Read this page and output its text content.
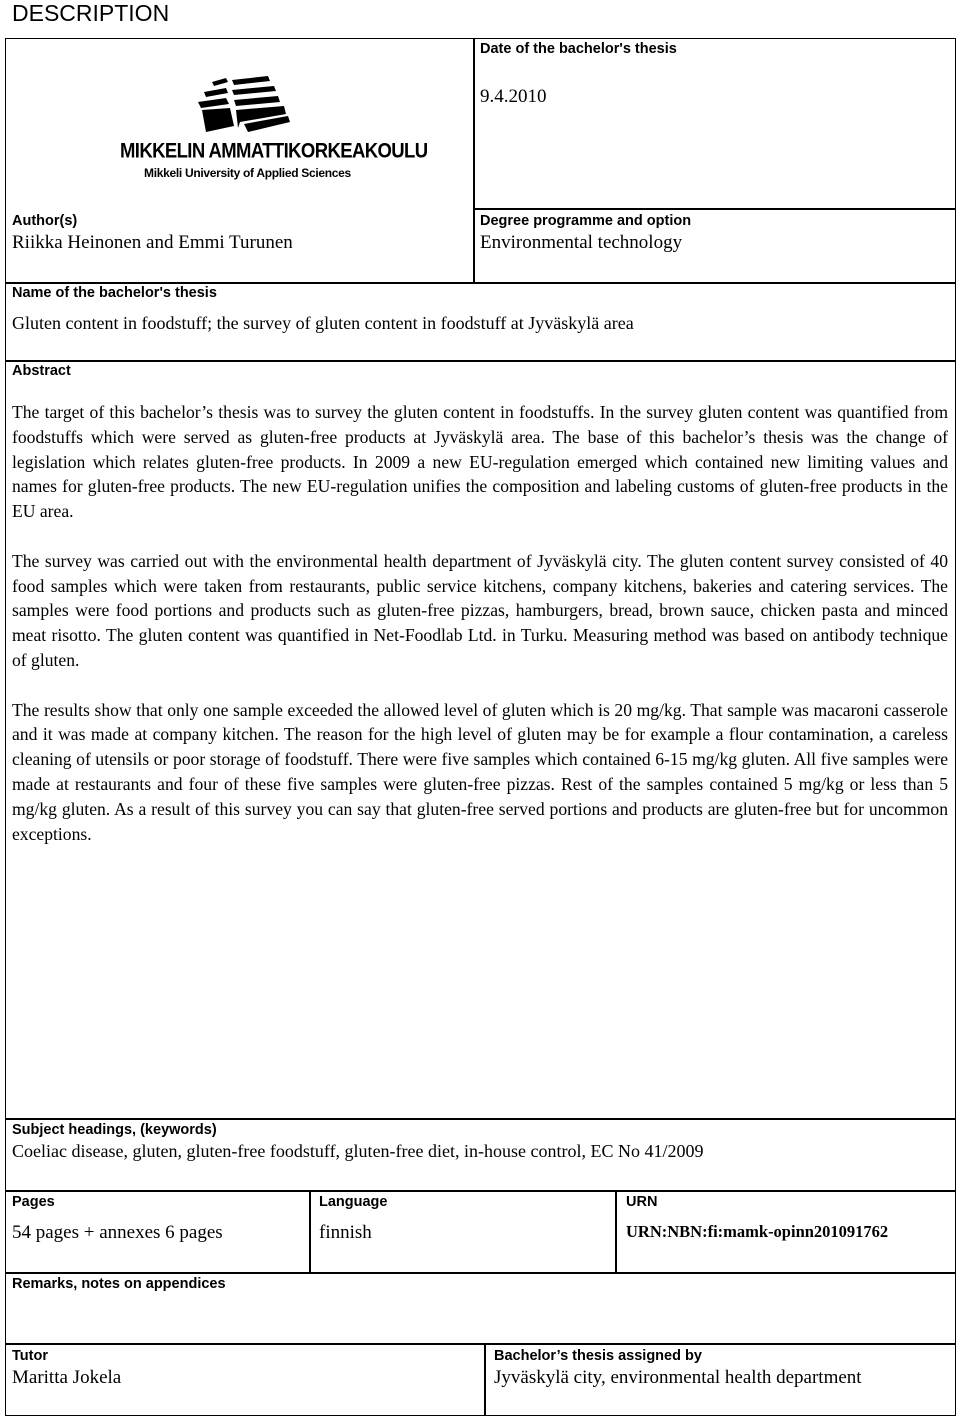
DESCRIPTION
MIKKELIN AMMATTIKORKEAKOULU
Mikkeli University of Applied Sciences
Date of the bachelor's thesis
9.4.2010
Author(s)
Riikka Heinonen and Emmi Turunen
Degree programme and option
Environmental technology
Name of the bachelor's thesis
Gluten content in foodstuff; the survey of gluten content in foodstuff at Jyväskylä area
Abstract

The target of this bachelor’s thesis was to survey the gluten content in foodstuffs. In the survey gluten content was quantified from foodstuffs which were served as gluten-free products at Jyväskylä area. The base of this bachelor’s thesis was the change of legislation which relates gluten-free products. In 2009 a new EU-regulation emerged which contained new limiting values and names for gluten-free products. The new EU-regulation unifies the composition and labeling customs of gluten-free products in the EU area.

The survey was carried out with the environmental health department of Jyväskylä city. The gluten content survey consisted of 40 food samples which were taken from restaurants, public service kitchens, company kitchens, bakeries and catering services. The samples were food portions and products such as gluten-free pizzas, hamburgers, bread, brown sauce, chicken pasta and minced meat risotto. The gluten content was quantified in Net-Foodlab Ltd. in Turku. Measuring method was based on antibody technique of gluten.

The results show that only one sample exceeded the allowed level of gluten which is 20 mg/kg. That sample was macaroni casserole and it was made at company kitchen. The reason for the high level of gluten may be for example a flour contamination, a careless cleaning of utensils or poor storage of foodstuff. There were five samples which contained 6-15 mg/kg gluten. All five samples were made at restaurants and four of these five samples were gluten-free pizzas. Rest of the samples contained 5 mg/kg or less than 5 mg/kg gluten. As a result of this survey you can say that gluten-free served portions and products are gluten-free but for uncommon exceptions.

Subject headings, (keywords)
Coeliac disease, gluten, gluten-free foodstuff, gluten-free diet, in-house control, EC No 41/2009
Pages
54 pages + annexes 6 pages
Language
finnish
URN
URN:NBN:fi:mamk-opinn201091762
Remarks, notes on appendices
Tutor
Maritta Jokela
Bachelor’s thesis assigned by
Jyväskylä city, environmental health department
